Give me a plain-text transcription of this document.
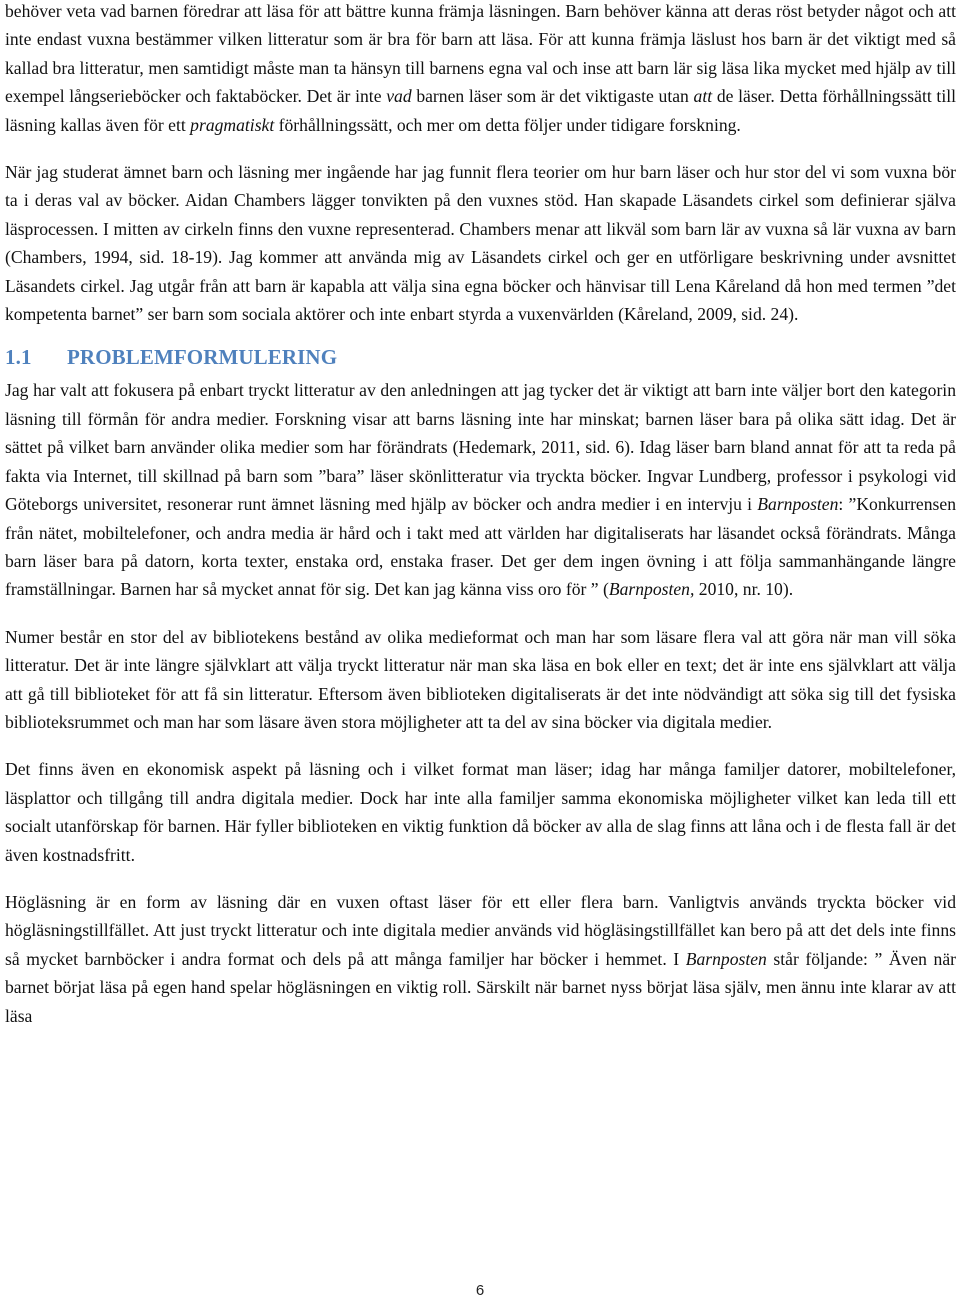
behöver veta vad barnen föredrar att läsa för att bättre kunna främja läsningen. Barn behöver känna att deras röst betyder något och att inte endast vuxna bestämmer vilken litteratur som är bra för barn att läsa. För att kunna främja läslust hos barn är det viktigt med så kallad bra litteratur, men samtidigt måste man ta hänsyn till barnens egna val och inse att barn lär sig läsa lika mycket med hjälp av till exempel långserieböcker och faktaböcker. Det är inte vad barnen läser som är det viktigaste utan att de läser. Detta förhållningssätt till läsning kallas även för ett pragmatiskt förhållningssätt, och mer om detta följer under tidigare forskning.

När jag studerat ämnet barn och läsning mer ingående har jag funnit flera teorier om hur barn läser och hur stor del vi som vuxna bör ta i deras val av böcker. Aidan Chambers lägger tonvikten på den vuxnes stöd. Han skapade Läsandets cirkel som definierar själva läsprocessen. I mitten av cirkeln finns den vuxne representerad. Chambers menar att likväl som barn lär av vuxna så lär vuxna av barn (Chambers, 1994, sid. 18-19). Jag kommer att använda mig av Läsandets cirkel och ger en utförligare beskrivning under avsnittet Läsandets cirkel. Jag utgår från att barn är kapabla att välja sina egna böcker och hänvisar till Lena Kåreland då hon med termen ”det kompetenta barnet” ser barn som sociala aktörer och inte enbart styrda a vuxenvärlden (Kåreland, 2009, sid. 24).

1.1 PROBLEMFORMULERING

Jag har valt att fokusera på enbart tryckt litteratur av den anledningen att jag tycker det är viktigt att barn inte väljer bort den kategorin läsning till förmån för andra medier. Forskning visar att barns läsning inte har minskat; barnen läser bara på olika sätt idag. Det är sättet på vilket barn använder olika medier som har förändrats (Hedemark, 2011, sid. 6). Idag läser barn bland annat för att ta reda på fakta via Internet, till skillnad på barn som ”bara” läser skönlitteratur via tryckta böcker. Ingvar Lundberg, professor i psykologi vid Göteborgs universitet, resonerar runt ämnet läsning med hjälp av böcker och andra medier i en intervju i Barnposten: ”Konkurrensen från nätet, mobiltelefoner, och andra media är hård och i takt med att världen har digitaliserats har läsandet också förändrats. Många barn läser bara på datorn, korta texter, enstaka ord, enstaka fraser. Det ger dem ingen övning i att följa sammanhängande längre framställningar. Barnen har så mycket annat för sig. Det kan jag känna viss oro för ” (Barnposten, 2010, nr. 10).

Numer består en stor del av bibliotekens bestånd av olika medieformat och man har som läsare flera val att göra när man vill söka litteratur. Det är inte längre självklart att välja tryckt litteratur när man ska läsa en bok eller en text; det är inte ens självklart att välja att gå till biblioteket för att få sin litteratur. Eftersom även biblioteken digitaliserats är det inte nödvändigt att söka sig till det fysiska biblioteksrummet och man har som läsare även stora möjligheter att ta del av sina böcker via digitala medier.

Det finns även en ekonomisk aspekt på läsning och i vilket format man läser; idag har många familjer datorer, mobiltelefoner, läsplattor och tillgång till andra digitala medier. Dock har inte alla familjer samma ekonomiska möjligheter vilket kan leda till ett socialt utanförskap för barnen. Här fyller biblioteken en viktig funktion då böcker av alla de slag finns att låna och i de flesta fall är det även kostnadsfritt.

Högläsning är en form av läsning där en vuxen oftast läser för ett eller flera barn. Vanligtvis används tryckta böcker vid högläsningstillfället. Att just tryckt litteratur och inte digitala medier används vid högläsingstillfället kan bero på att det dels inte finns så mycket barnböcker i andra format och dels på att många familjer har böcker i hemmet. I Barnposten står följande: ” Även när barnet börjat läsa på egen hand spelar högläsningen en viktig roll. Särskilt när barnet nyss börjat läsa själv, men ännu inte klarar av att läsa

6
